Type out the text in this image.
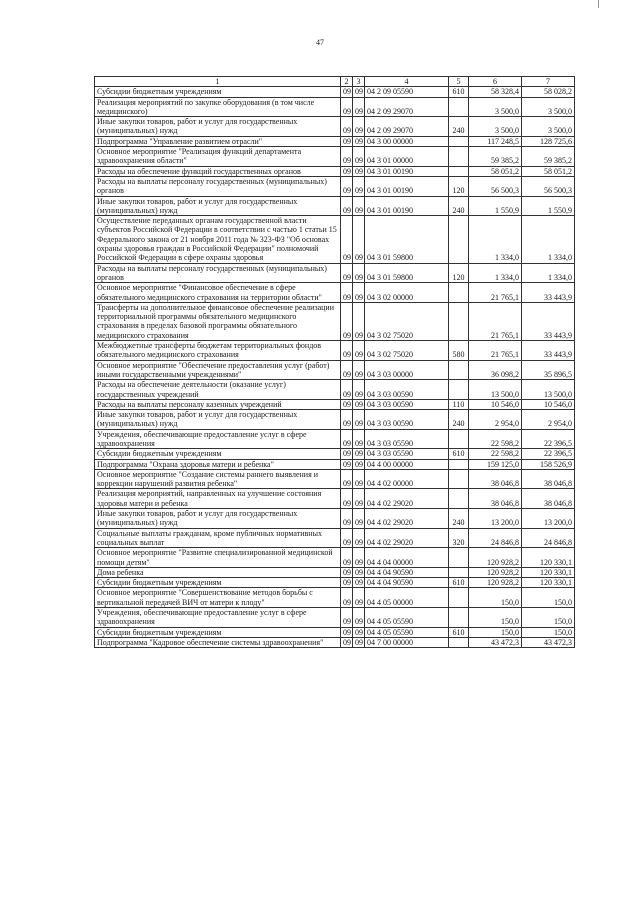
47
1	2	3	4	5	6	7
Субсидии бюджетным учреждениям	09	09	04 2 09 05590	610	58 328,4	58 028,2
Реализация мероприятий по закупке оборудования (в том числе медицинского)	09	09	04 2 09 29070		3 500,0	3 500,0
Иные закупки товаров, работ и услуг для государственных (муниципальных) нужд	09	09	04 2 09 29070	240	3 500,0	3 500,0
Подпрограмма "Управление развитием отрасли"	09	09	04 3 00 00000		117 248,5	128 725,6
Основное мероприятие "Реализация функций департамента здравоохранения области"	09	09	04 3 01 00000		59 385,2	59 385,2
Расходы на обеспечение функций государственных органов	09	09	04 3 01 00190		58 051,2	58 051,2
Расходы на выплаты персоналу государственных (муниципальных) органов	09	09	04 3 01 00190	120	56 500,3	56 500,3
Иные закупки товаров, работ и услуг для государственных (муниципальных) нужд	09	09	04 3 01 00190	240	1 550,9	1 550,9
Осуществление переданных органам государственной власти субъектов Российской Федерации в соответствии с частью 1 статьи 15 Федерального закона от 21 ноября 2011 года № 323-ФЗ "Об основах охраны здоровья граждан в Российской Федерации" полномочий Российской Федерации в сфере охраны здоровья	09	09	04 3 01 59800		1 334,0	1 334,0
Расходы на выплаты персоналу государственных (муниципальных) органов	09	09	04 3 01 59800	120	1 334,0	1 334,0
Основное мероприятие "Финансовое обеспечение в сфере обязательного медицинского страхования на территории области"	09	09	04 3 02 00000		21 765,1	33 443,9
Трансферты на дополнительное финансовое обеспечение реализации территориальной программы обязательного медицинского страхования в пределах базовой программы обязательного медицинского страхования	09	09	04 3 02 75020		21 765,1	33 443,9
Межбюджетные трансферты бюджетам территориальных фондов обязательного медицинского страхования	09	09	04 3 02 75020	580	21 765,1	33 443,9
Основное мероприятие "Обеспечение предоставления услуг (работ) иными государственными учреждениями"	09	09	04 3 03 00000		36 098,2	35 896,5
Расходы на обеспечение деятельности (оказание услуг) государственных учреждений	09	09	04 3 03 00590		13 500,0	13 500,0
Расходы на выплаты персоналу казенных учреждений	09	09	04 3 03 00590	110	10 546,0	10 546,0
Иные закупки товаров, работ и услуг для государственных (муниципальных) нужд	09	09	04 3 03 00590	240	2 954,0	2 954,0
Учреждения, обеспечивающие предоставление услуг в сфере здравоохранения	09	09	04 3 03 05590		22 598,2	22 396,5
Субсидии бюджетным учреждениям	09	09	04 3 03 05590	610	22 598,2	22 396,5
Подпрограмма "Охрана здоровья матери и ребенка"	09	09	04 4 00 00000		159 125,0	158 526,9
Основное мероприятие "Создание системы раннего выявления и коррекции нарушений развития ребенка"	09	09	04 4 02 00000		38 046,8	38 046,8
Реализация мероприятий, направленных на улучшение состояния здоровья матери и ребенка	09	09	04 4 02 29020		38 046,8	38 046,8
Иные закупки товаров, работ и услуг для государственных (муниципальных) нужд	09	09	04 4 02 29020	240	13 200,0	13 200,0
Социальные выплаты гражданам, кроме публичных нормативных социальных выплат	09	09	04 4 02 29020	320	24 846,8	24 846,8
Основное мероприятие "Развитие специализированной медицинской помощи детям"	09	09	04 4 04 00000		120 928,2	120 330,1
Дома ребенка	09	09	04 4 04 90590		120 928,2	120 330,1
Субсидии бюджетным учреждениям	09	09	04 4 04 90590	610	120 928,2	120 330,1
Основное мероприятие "Совершенствование методов борьбы с вертикальной передачей ВИЧ от матери к плоду"	09	09	04 4 05 00000		150,0	150,0
Учреждения, обеспечивающие предоставление услуг в сфере здравоохранения	09	09	04 4 05 05590		150,0	150,0
Субсидии бюджетным учреждениям	09	09	04 4 05 05590	610	150,0	150,0
Подпрограмма "Кадровое обеспечение системы здравоохранения"	09	09	04 7 00 00000		43 472,3	43 472,3
